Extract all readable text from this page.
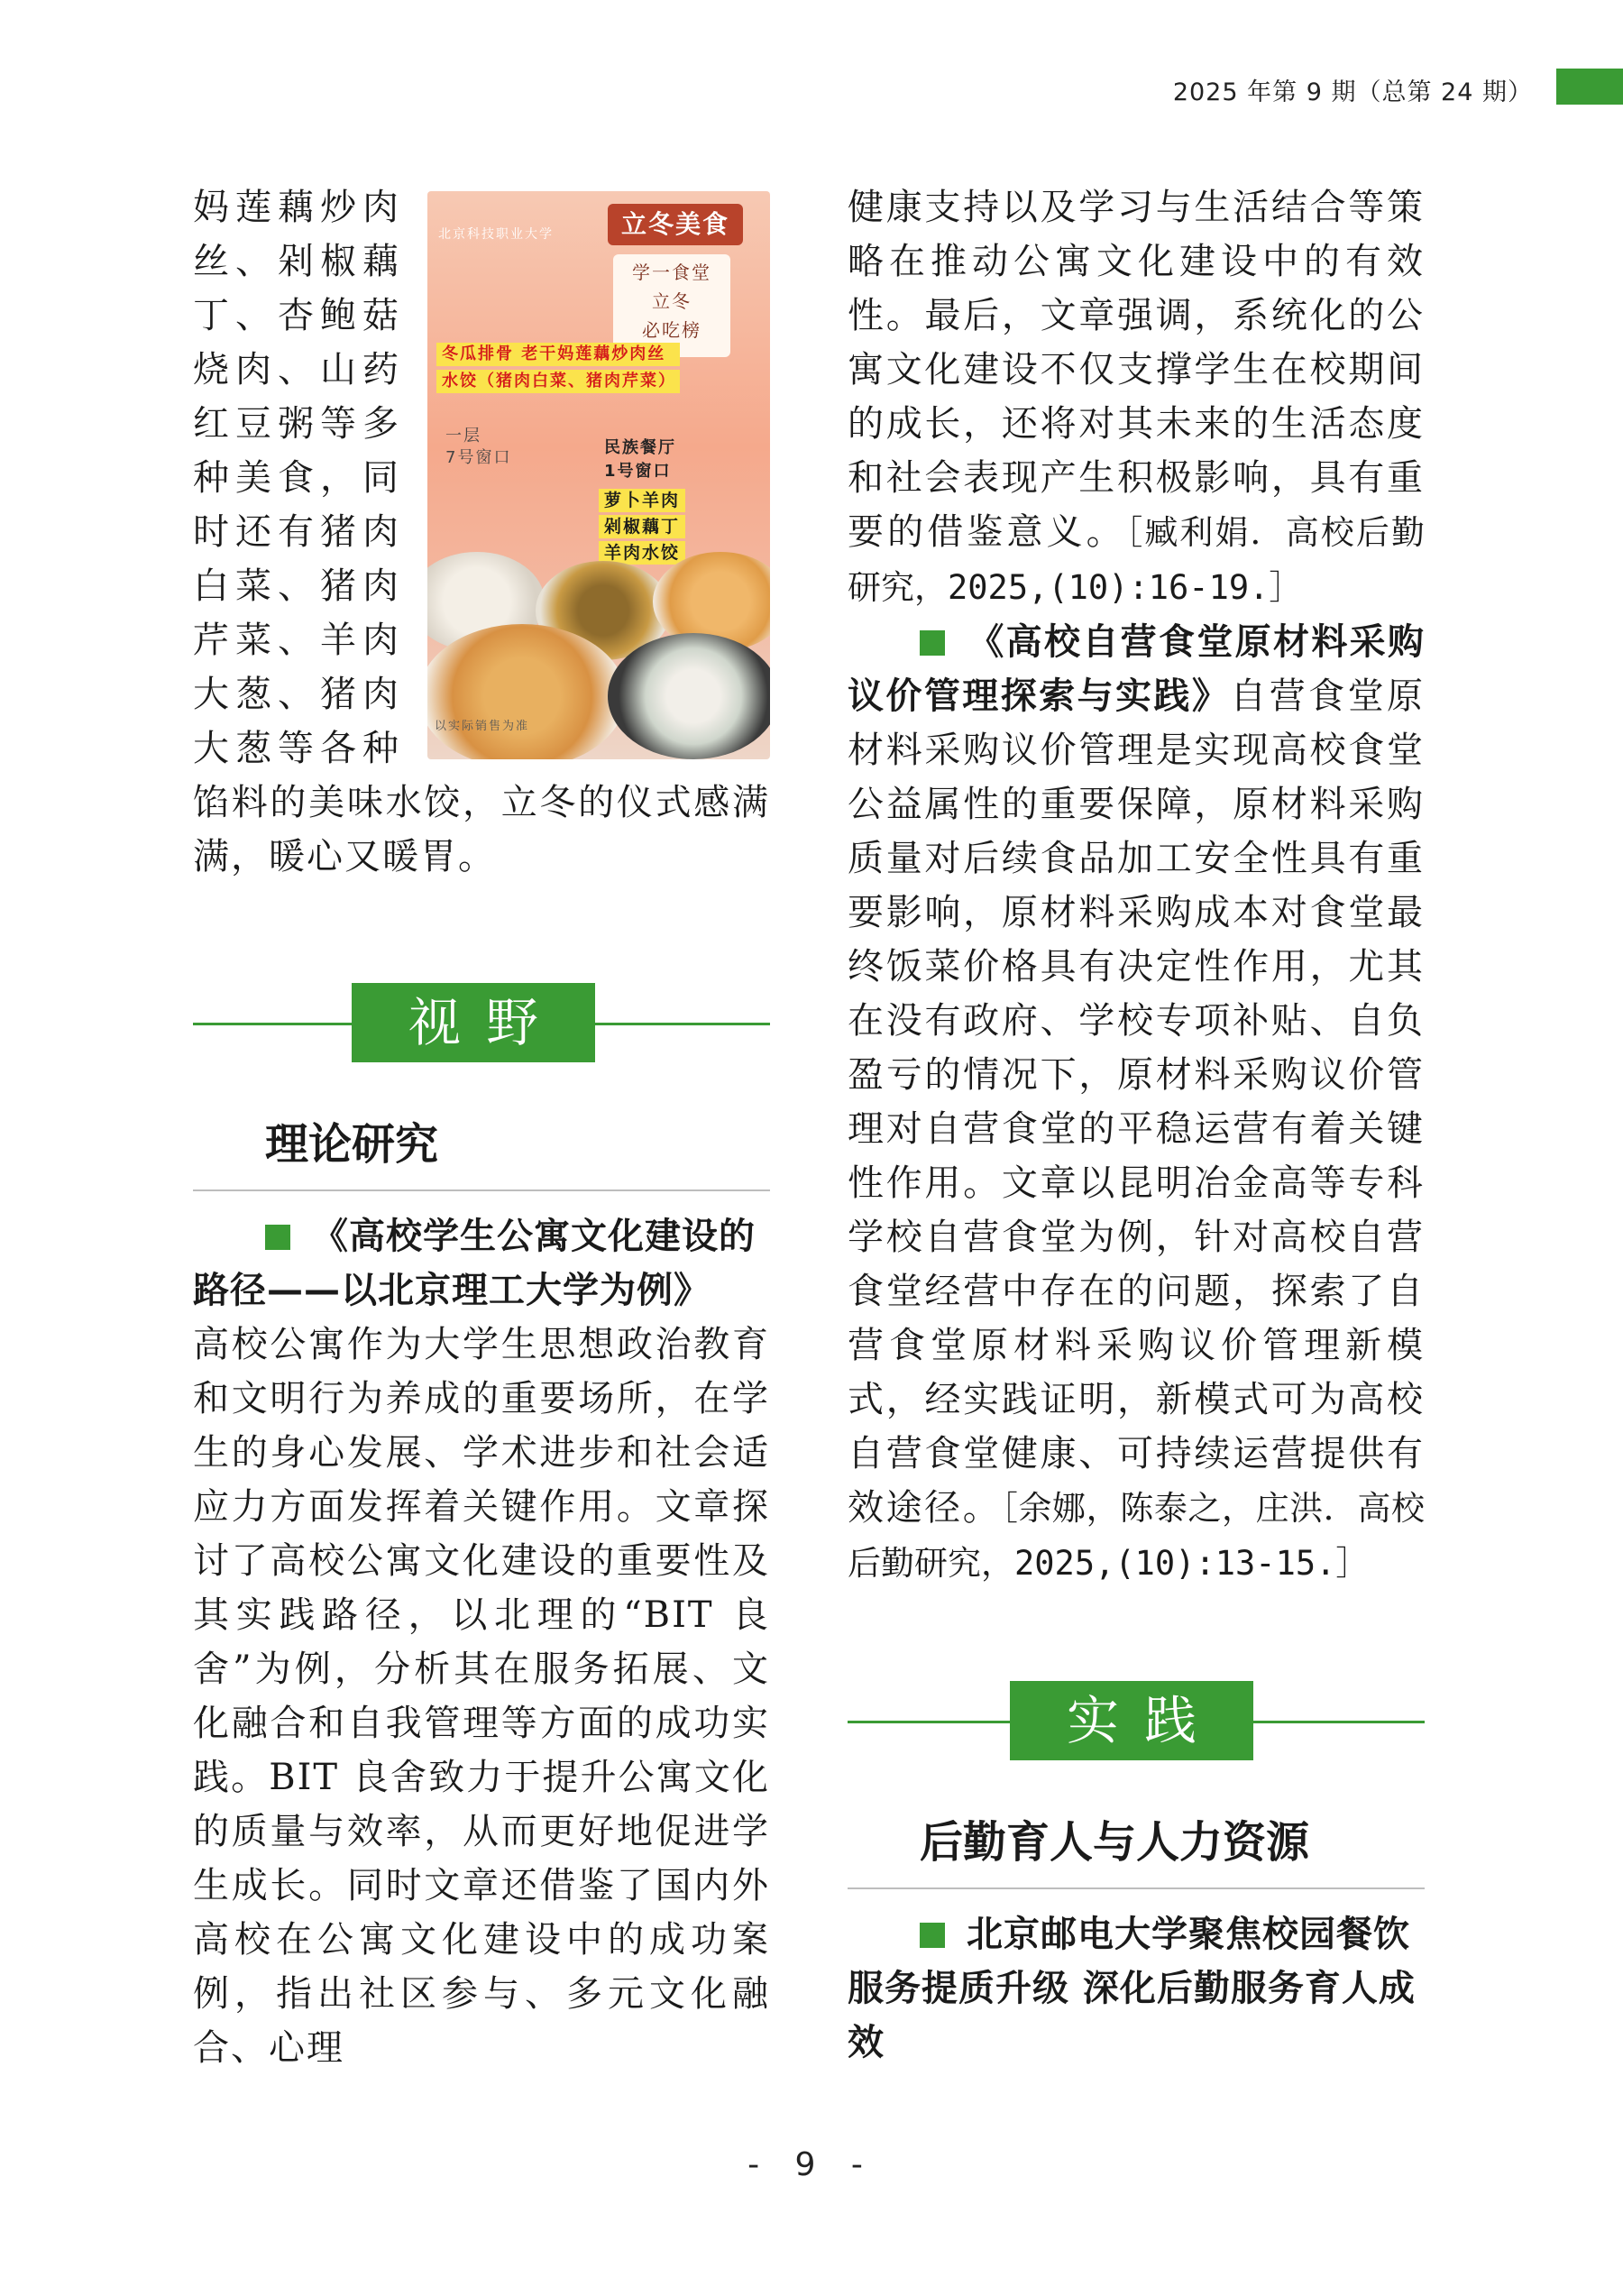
2025 年第 9 期（总第 24 期）

北京科技职业大学	立冬美食
学一食堂
立冬
必吃榜
冬瓜排骨 老干妈莲藕炒肉丝
水饺（猪肉白菜、猪肉芹菜）
一层
7号窗口
民族餐厅
1号窗口
萝卜羊肉
剁椒藕丁
羊肉水饺
以实际销售为准
妈莲藕炒肉丝、剁椒藕丁、杏鲍菇烧肉、山药红豆粥等多种美食，同时还有猪肉白菜、猪肉芹菜、羊肉大葱、猪肉大葱等各种馅料的美味水饺，立冬的仪式感满满，暖心又暖胃。

视野
理论研究

《高校学生公寓文化建设的路径——以北京理工大学为例》

高校公寓作为大学生思想政治教育和文明行为养成的重要场所，在学生的身心发展、学术进步和社会适应力方面发挥着关键作用。文章探讨了高校公寓文化建设的重要性及其实践路径，以北理的“BIT 良舍”为例，分析其在服务拓展、文化融合和自我管理等方面的成功实践。BIT 良舍致力于提升公寓文化的质量与效率，从而更好地促进学生成长。同时文章还借鉴了国内外高校在公寓文化建设中的成功案例，指出社区参与、多元文化融合、心理

健康支持以及学习与生活结合等策略在推动公寓文化建设中的有效性。最后，文章强调，系统化的公寓文化建设不仅支撑学生在校期间的成长，还将对其未来的生活态度和社会表现产生积极影响，具有重要的借鉴意义。［臧利娟．高校后勤研究，2025,(10):16-19.］

《高校自营食堂原材料采购议价管理探索与实践》自营食堂原材料采购议价管理是实现高校食堂公益属性的重要保障，原材料采购质量对后续食品加工安全性具有重要影响，原材料采购成本对食堂最终饭菜价格具有决定性作用，尤其在没有政府、学校专项补贴、自负盈亏的情况下，原材料采购议价管理对自营食堂的平稳运营有着关键性作用。文章以昆明冶金高等专科学校自营食堂为例，针对高校自营食堂经营中存在的问题，探索了自营食堂原材料采购议价管理新模式，经实践证明，新模式可为高校自营食堂健康、可持续运营提供有效途径。［余娜，陈泰之，庄洪．高校后勤研究，2025,(10):13-15.］

实践
后勤育人与人力资源

北京邮电大学聚焦校园餐饮服务提质升级 深化后勤服务育人成效

- 9 -
